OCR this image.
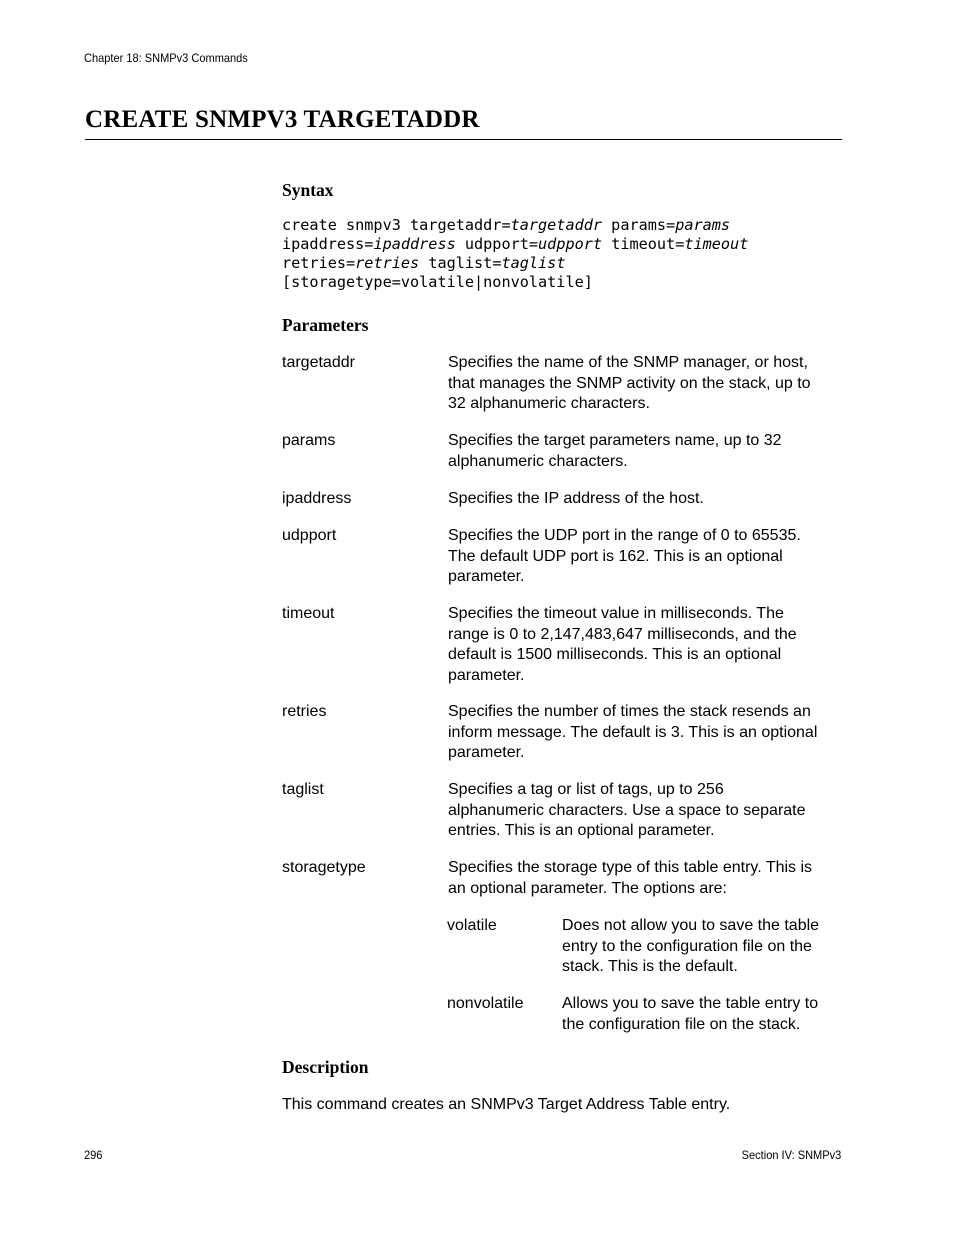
Chapter 18: SNMPv3 Commands
CREATE SNMPV3 TARGETADDR
Syntax
create snmpv3 targetaddr=targetaddr params=params
ipaddress=ipaddress udpport=udpport timeout=timeout
retries=retries taglist=taglist
[storagetype=volatile|nonvolatile]
Parameters
targetaddr	Specifies the name of the SNMP manager, or host,
that manages the SNMP activity on the stack, up to
32 alphanumeric characters.
params	Specifies the target parameters name, up to 32
alphanumeric characters.
ipaddress	Specifies the IP address of the host.
udpport	Specifies the UDP port in the range of 0 to 65535.
The default UDP port is 162. This is an optional
parameter.
timeout	Specifies the timeout value in milliseconds. The
range is 0 to 2,147,483,647 milliseconds, and the
default is 1500 milliseconds. This is an optional
parameter.
retries	Specifies the number of times the stack resends an
inform message. The default is 3. This is an optional
parameter.
taglist	Specifies a tag or list of tags, up to 256
alphanumeric characters. Use a space to separate
entries. This is an optional parameter.
storagetype	Specifies the storage type of this table entry. This is
an optional parameter. The options are:
volatile	Does not allow you to save the table
entry to the configuration file on the
stack. This is the default.
nonvolatile Allows you to save the table entry to
the configuration file on the stack.
Description
This command creates an SNMPv3 Target Address Table entry.
296	Section IV: SNMPv3
